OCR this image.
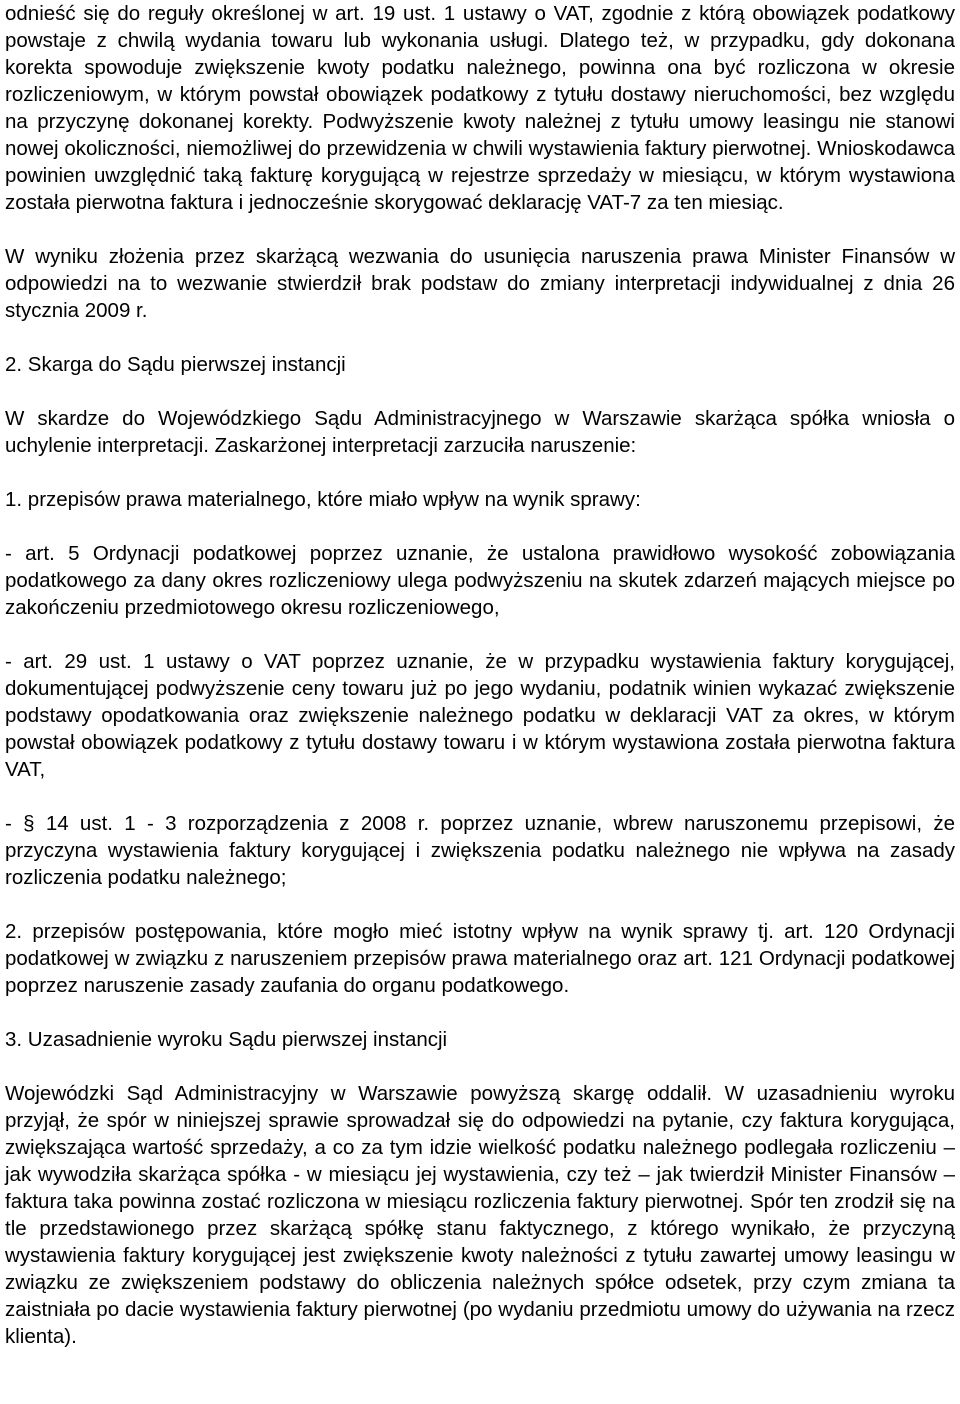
odnieść się do reguły określonej w art. 19 ust. 1 ustawy o VAT, zgodnie z którą obowiązek podatkowy powstaje z chwilą wydania towaru lub wykonania usługi. Dlatego też, w przypadku, gdy dokonana korekta spowoduje zwiększenie kwoty podatku należnego, powinna ona być rozliczona w okresie rozliczeniowym, w którym powstał obowiązek podatkowy z tytułu dostawy nieruchomości, bez względu na przyczynę dokonanej korekty. Podwyższenie kwoty należnej z tytułu umowy leasingu nie stanowi nowej okoliczności, niemożliwej do przewidzenia w chwili wystawienia faktury pierwotnej. Wnioskodawca powinien uwzględnić taką fakturę korygującą w rejestrze sprzedaży w miesiącu, w którym wystawiona została pierwotna faktura i jednocześnie skorygować deklarację VAT-7 za ten miesiąc.

W wyniku złożenia przez skarżącą wezwania do usunięcia naruszenia prawa Minister Finansów w odpowiedzi na to wezwanie stwierdził brak podstaw do zmiany interpretacji indywidualnej z dnia 26 stycznia 2009 r.

2. Skarga do Sądu pierwszej instancji

W skardze do Wojewódzkiego Sądu Administracyjnego w Warszawie skarżąca spółka wniosła o uchylenie interpretacji. Zaskarżonej interpretacji zarzuciła naruszenie:

1. przepisów prawa materialnego, które miało wpływ na wynik sprawy:

- art. 5 Ordynacji podatkowej poprzez uznanie, że ustalona prawidłowo wysokość zobowiązania podatkowego za dany okres rozliczeniowy ulega podwyższeniu na skutek zdarzeń mających miejsce po zakończeniu przedmiotowego okresu rozliczeniowego,

- art. 29 ust. 1 ustawy o VAT poprzez uznanie, że w przypadku wystawienia faktury korygującej, dokumentującej podwyższenie ceny towaru już po jego wydaniu, podatnik winien wykazać zwiększenie podstawy opodatkowania oraz zwiększenie należnego podatku w deklaracji VAT za okres, w którym powstał obowiązek podatkowy z tytułu dostawy towaru i w którym wystawiona została pierwotna faktura VAT,

- § 14 ust. 1 - 3 rozporządzenia z 2008 r. poprzez uznanie, wbrew naruszonemu przepisowi, że przyczyna wystawienia faktury korygującej i zwiększenia podatku należnego nie wpływa na zasady rozliczenia podatku należnego;

2. przepisów postępowania, które mogło mieć istotny wpływ na wynik sprawy tj. art. 120 Ordynacji podatkowej w związku z naruszeniem przepisów prawa materialnego oraz art. 121 Ordynacji podatkowej poprzez naruszenie zasady zaufania do organu podatkowego.

3. Uzasadnienie wyroku Sądu pierwszej instancji

Wojewódzki Sąd Administracyjny w Warszawie powyższą skargę oddalił. W uzasadnieniu wyroku przyjął, że spór w niniejszej sprawie sprowadzał się do odpowiedzi na pytanie, czy faktura korygująca, zwiększająca wartość sprzedaży, a co za tym idzie wielkość podatku należnego podlegała rozliczeniu – jak wywodziła skarżąca spółka - w miesiącu jej wystawienia, czy też – jak twierdził Minister Finansów – faktura taka powinna zostać rozliczona w miesiącu rozliczenia faktury pierwotnej. Spór ten zrodził się na tle przedstawionego przez skarżącą spółkę stanu faktycznego, z którego wynikało, że przyczyną wystawienia faktury korygującej jest zwiększenie kwoty należności z tytułu zawartej umowy leasingu w związku ze zwiększeniem podstawy do obliczenia należnych spółce odsetek, przy czym zmiana ta zaistniała po dacie wystawienia faktury pierwotnej (po wydaniu przedmiotu umowy do używania na rzecz klienta).
